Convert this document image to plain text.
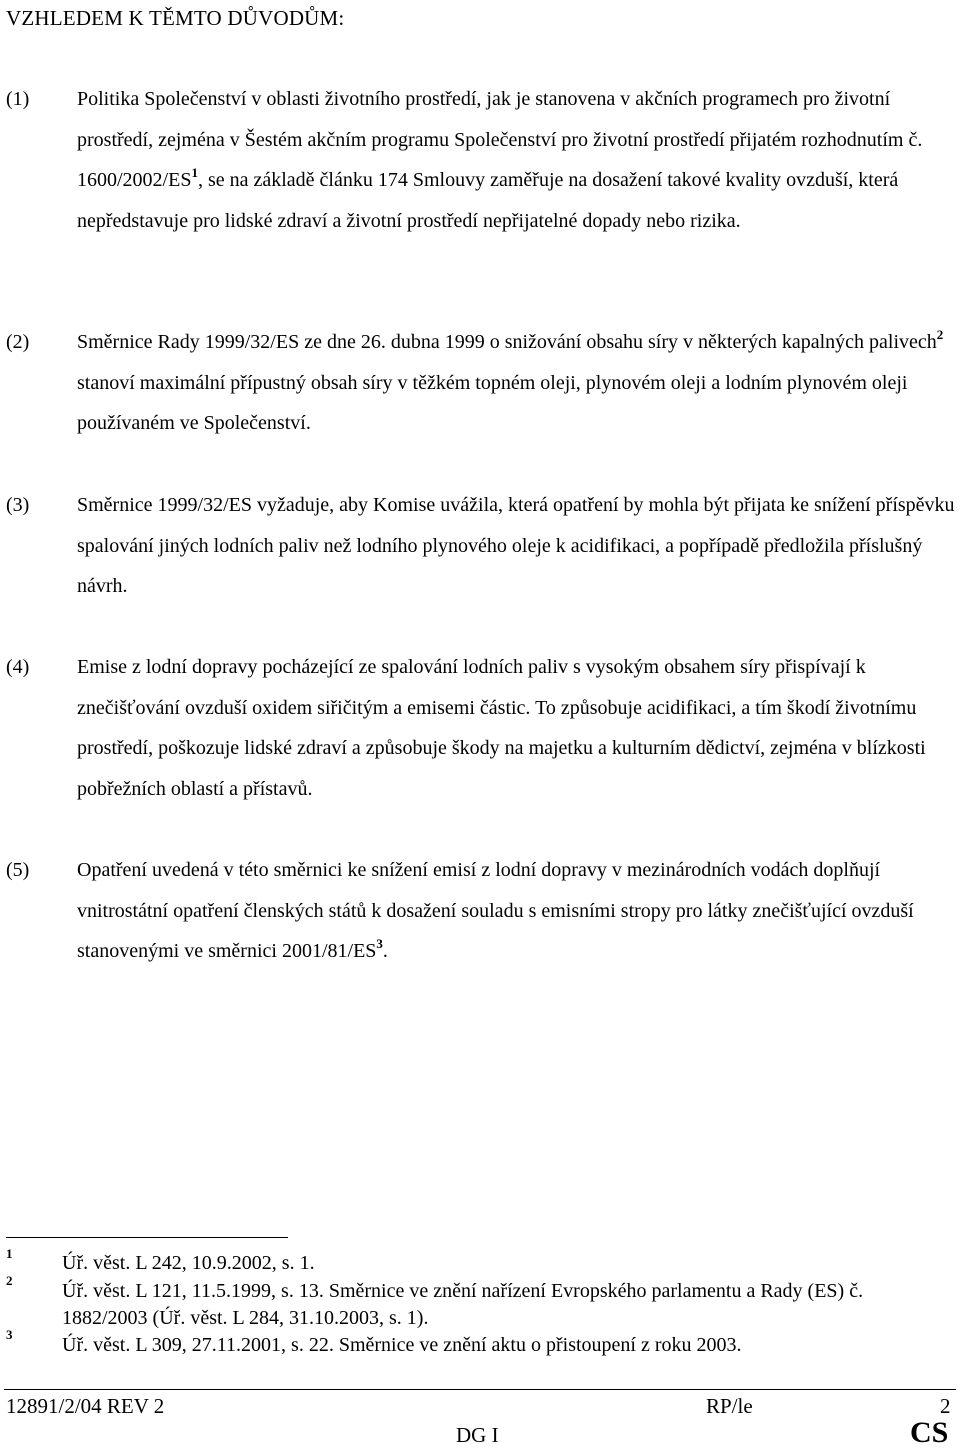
VZHLEDEM K TĚMTO DŮVODŮM:
(1) Politika Společenství v oblasti životního prostředí, jak je stanovena v akčních programech pro životní prostředí, zejména v Šestém akčním programu Společenství pro životní prostředí přijatém rozhodnutím č. $1600/2002/ES^1$, se na základě článku 174 Smlouvy zaměřuje na dosažení takové kvality ovzduší, která nepředstavuje pro lidské zdraví a životní prostředí nepřijatelné dopady nebo rizika.
(2) Směrnice Rady 1999/32/ES ze dne 26. dubna 1999 o snižování obsahu síry v některých kapalných palivech$^2$ stanoví maximální přípustný obsah síry v těžkém topném oleji, plynovém oleji a lodním plynovém oleji používaném ve Společenství.
(3) Směrnice 1999/32/ES vyžaduje, aby Komise uvážila, která opatření by mohla být přijata ke snížení příspěvku spalování jiných lodních paliv než lodního plynového oleje k acidifikaci, a popřípadě předložila příslušný návrh.
(4) Emise z lodní dopravy pocházející ze spalování lodních paliv s vysokým obsahem síry přispívají k znečišťování ovzduší oxidem siřičitým a emisemi částic. To způsobuje acidifikaci, a tím škodí životnímu prostředí, poškozuje lidské zdraví a způsobuje škody na majetku a kulturním dědictví, zejména v blízkosti pobřežních oblastí a přístavů.
(5) Opatření uvedená v této směrnici ke snížení emisí z lodní dopravy v mezinárodních vodách doplňují vnitrostátní opatření členských států k dosažení souladu s emisními stropy pro látky znečišťující ovzduší stanovenými ve směrnici $2001/81/ES^3$.
1 Úř. věst. L 242, 10.9.2002, s. 1.
2 Úř. věst. L 121, 11.5.1999, s. 13. Směrnice ve znění nařízení Evropského parlamentu a Rady (ES) č. 1882/2003 (Úř. věst. L 284, 31.10.2003, s. 1).
3 Úř. věst. L 309, 27.11.2001, s. 22. Směrnice ve znění aktu o přistoupení z roku 2003.
12891/2/04 REV 2	RP/le	2
DG I	CS
